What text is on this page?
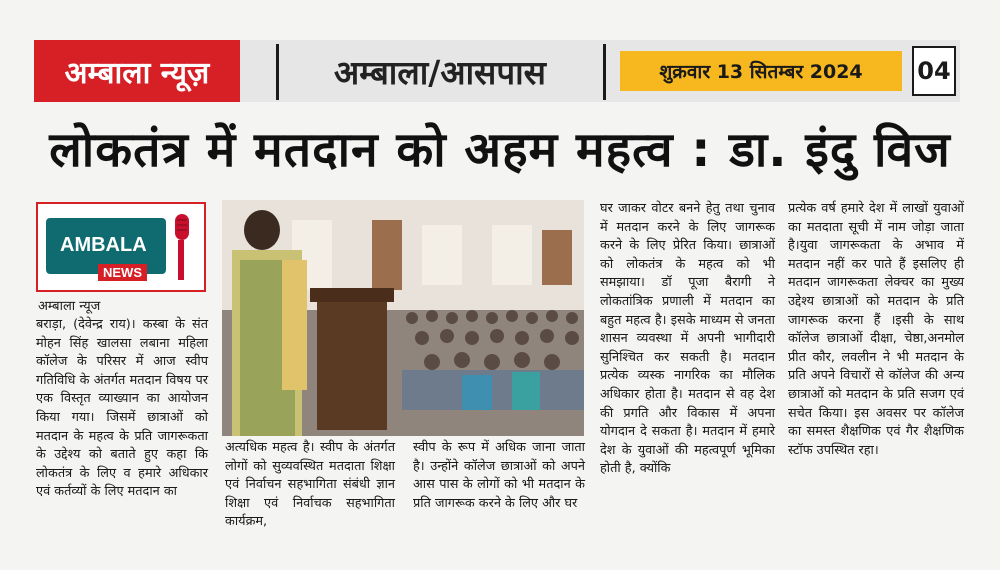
अम्बाला न्यूज़	अम्बाला/आसपास	शुक्रवार 13 सितम्बर 2024	04
लोकतंत्र में मतदान को अहम महत्व : डा. इंदु विज
AMBALA
NEWS
अम्बाला न्यूज
बराड़ा, (देवेन्द्र राय)। कस्बा के संत मोहन सिंह खालसा लबाना महिला कॉलेज के परिसर में आज स्वीप गतिविधि के अंतर्गत मतदान विषय पर एक विस्तृत व्याख्यान का आयोजन किया गया। जिसमें छात्राओं को मतदान के महत्व के प्रति जागरूकता के उद्देश्य को बताते हुए कहा कि लोकतंत्र के लिए व हमारे अधिकार एवं कर्तव्यों के लिए मतदान का
अत्यधिक महत्व है। स्वीप के अंतर्गत लोगों को सुव्यवस्थित मतदाता शिक्षा एवं निर्वाचन सहभागिता संबंधी ज्ञान शिक्षा एवं निर्वाचक सहभागिता कार्यक्रम,
स्वीप के रूप में अधिक जाना जाता है। उन्होंने कॉलेज छात्राओं को अपने आस पास के लोगों को भी मतदान के प्रति जागरूक करने के लिए और घर
घर जाकर वोटर बनने हेतु तथा चुनाव में मतदान करने के लिए जागरूक करने के लिए प्रेरित किया। छात्राओं को लोकतंत्र के महत्व को भी समझाया। डॉ पूजा बैरागी ने लोकतांत्रिक प्रणाली में मतदान का बहुत महत्व है। इसके माध्यम से जनता शासन व्यवस्था में अपनी भागीदारी सुनिश्चित कर सकती है। मतदान प्रत्येक व्यस्क नागरिक का मौलिक अधिकार होता है। मतदान से वह देश की प्रगति और विकास में अपना योगदान दे सकता है। मतदान में हमारे देश के युवाओं की महत्वपूर्ण भूमिका होती है, क्योंकि
प्रत्येक वर्ष हमारे देश में लाखों युवाओं का मतदाता सूची में नाम जोड़ा जाता है।युवा जागरूकता के अभाव में मतदान नहीं कर पाते हैं इसलिए ही मतदान जागरूकता लेक्चर का मुख्य उद्देश्य छात्राओं को मतदान के प्रति जागरूक करना हैं ।इसी के साथ कॉलेज छात्राओं दीक्षा, चेष्ठा,अनमोल प्रीत कौर, लवलीन ने भी मतदान के प्रति अपने विचारों से कॉलेज की अन्य छात्राओं को मतदान के प्रति सजग एवं सचेत किया। इस अवसर पर कॉलेज का समस्त शैक्षणिक एवं गैर शैक्षणिक स्टॉफ उपस्थित रहा।
